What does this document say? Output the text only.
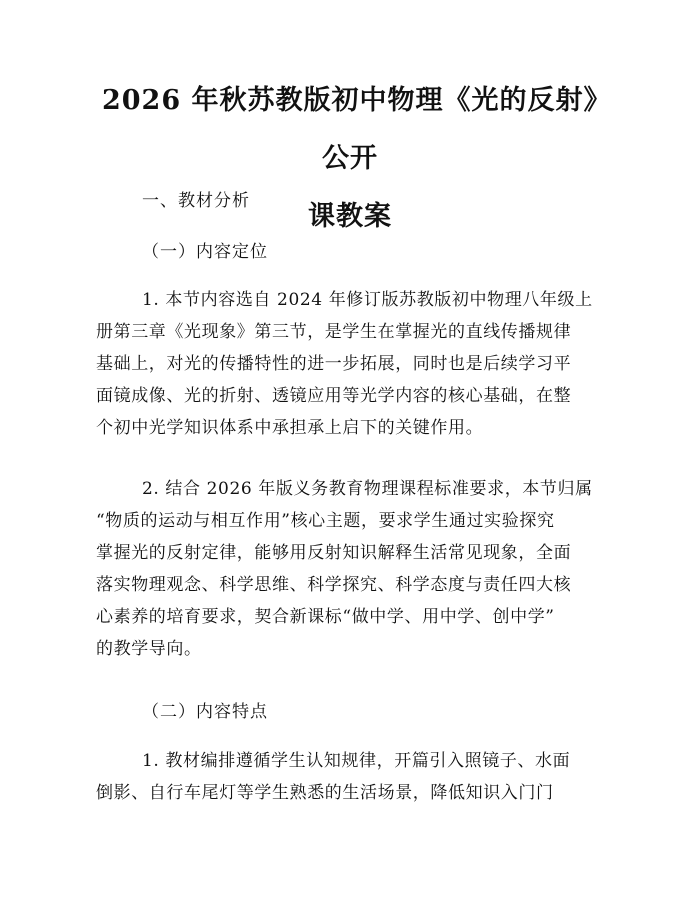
2026 年秋苏教版初中物理《光的反射》公开
课教案
一、教材分析
（一）内容定位
1. 本节内容选自 2024 年修订版苏教版初中物理八年级上
册第三章《光现象》第三节，是学生在掌握光的直线传播规律
基础上，对光的传播特性的进一步拓展，同时也是后续学习平
面镜成像、光的折射、透镜应用等光学内容的核心基础，在整
个初中光学知识体系中承担承上启下的关键作用。
2. 结合 2026 年版义务教育物理课程标准要求，本节归属
“物质的运动与相互作用”核心主题，要求学生通过实验探究
掌握光的反射定律，能够用反射知识解释生活常见现象，全面
落实物理观念、科学思维、科学探究、科学态度与责任四大核
心素养的培育要求，契合新课标“做中学、用中学、创中学”
的教学导向。
（二）内容特点
1. 教材编排遵循学生认知规律，开篇引入照镜子、水面
倒影、自行车尾灯等学生熟悉的生活场景，降低知识入门门
